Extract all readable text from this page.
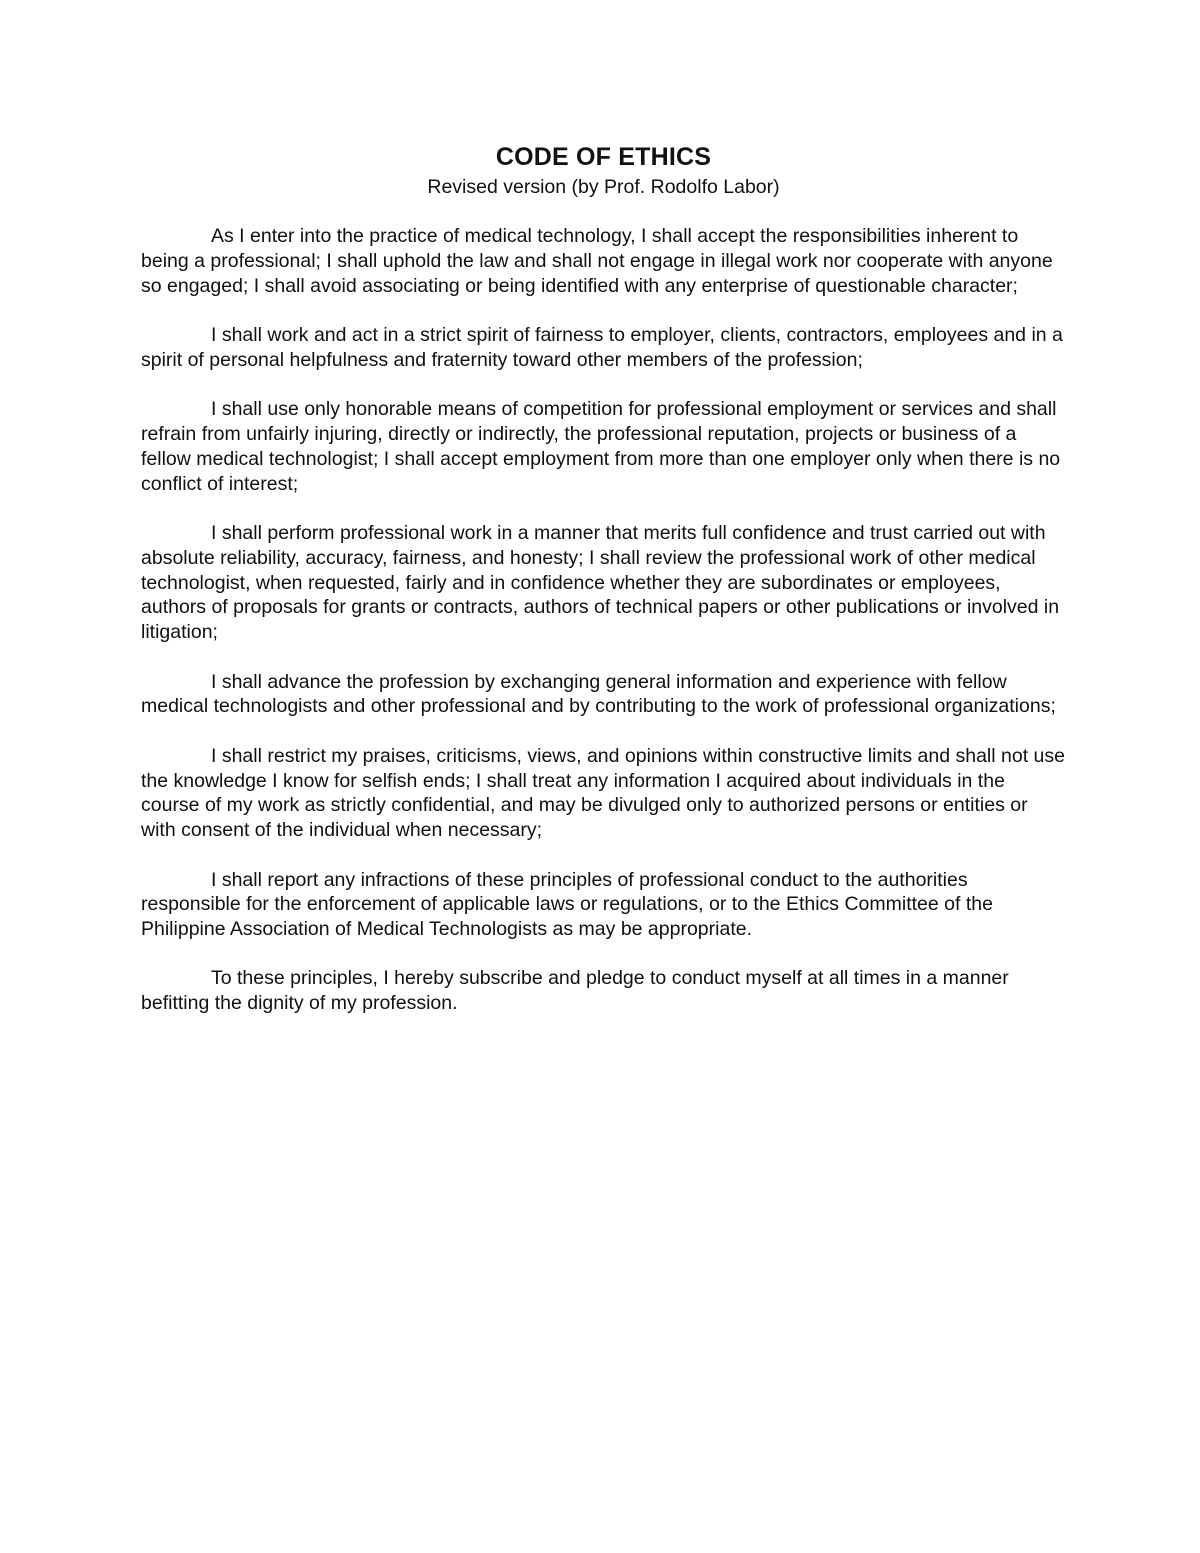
CODE OF ETHICS

Revised version (by Prof. Rodolfo Labor)

As I enter into the practice of medical technology, I shall accept the responsibilities inherent to being a professional; I shall uphold the law and shall not engage in illegal work nor cooperate with anyone so engaged; I shall avoid associating or being identified with any enterprise of questionable character;

I shall work and act in a strict spirit of fairness to employer, clients, contractors, employees and in a spirit of personal helpfulness and fraternity toward other members of the profession;

I shall use only honorable means of competition for professional employment or services and shall refrain from unfairly injuring, directly or indirectly, the professional reputation, projects or business of a fellow medical technologist; I shall accept employment from more than one employer only when there is no conflict of interest;

I shall perform professional work in a manner that merits full confidence and trust carried out with absolute reliability, accuracy, fairness, and honesty; I shall review the professional work of other medical technologist, when requested, fairly and in confidence whether they are subordinates or employees, authors of proposals for grants or contracts, authors of technical papers or other publications or involved in litigation;

I shall advance the profession by exchanging general information and experience with fellow medical technologists and other professional and by contributing to the work of professional organizations;

I shall restrict my praises, criticisms, views, and opinions within constructive limits and shall not use the knowledge I know for selfish ends; I shall treat any information I acquired about individuals in the course of my work as strictly confidential, and may be divulged only to authorized persons or entities or with consent of the individual when necessary;

I shall report any infractions of these principles of professional conduct to the authorities responsible for the enforcement of applicable laws or regulations, or to the Ethics Committee of the Philippine Association of Medical Technologists as may be appropriate.

To these principles, I hereby subscribe and pledge to conduct myself at all times in a manner befitting the dignity of my profession.
